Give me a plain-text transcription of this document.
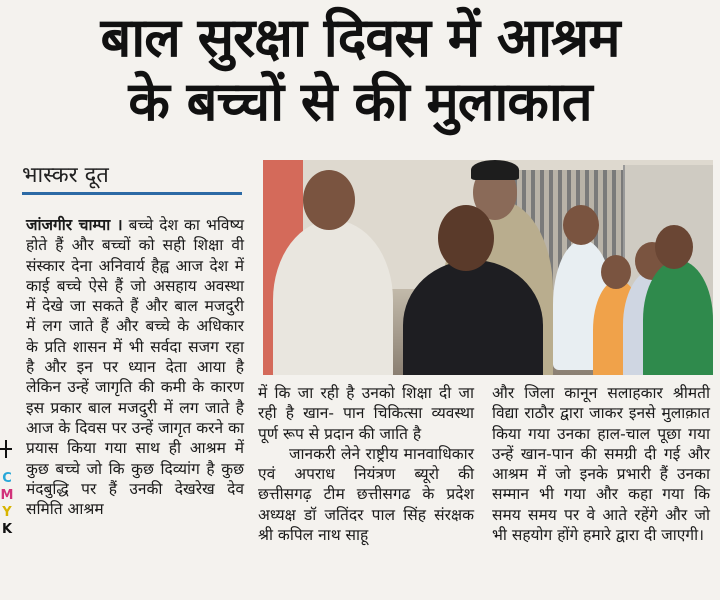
बाल सुरक्षा दिवस में आश्रम
के बच्चों से की मुलाकात
भास्कर दूत

जांजगीर चाम्पा । बच्चे देश का भविष्य होते हैं और बच्चों को सही शिक्षा वी संस्कार देना अनिवार्य हैह्व आज देश में काई बच्चे ऐसे हैं जो असहाय अवस्था में देखे जा सकते हैं और बाल मजदुरी में लग जाते हैं और बच्चे के अधिकार के प्रति शासन में भी सर्वदा सजग रहा है और इन पर ध्यान देता आया है लेकिन उन्हें जागृति की कमी के कारण इस प्रकार बाल मजदुरी में लग जाते है आज के दिवस पर उन्हें जागृत करने का प्रयास किया गया साथ ही आश्रम में कुछ बच्चे जो कि कुछ दिव्यांग है कुछ मंदबुद्धि पर हैं उनकी देखरेख देव समिति आश्रम

में कि जा रही है उनको शिक्षा दी जा रही है खान- पान चिकित्सा व्यवस्था पूर्ण रूप से प्रदान की जाति है

जानकरी लेने राष्ट्रीय मानवाधिकार एवं अपराध नियंत्रण ब्यूरो की छत्तीसगढ़ टीम छत्तीसगढ के प्रदेश अध्यक्ष डॉ जतिंदर पाल सिंह संरक्षक श्री कपिल नाथ साहू

और जिला कानून सलाहकार श्रीमती विद्या राठौर द्वारा जाकर इनसे मुलाक़ात किया गया उनका हाल-चाल पूछा गया उन्हें खान-पान की समग्री दी गई और आश्रम में जो इनके प्रभारी हैं उनका सम्मान भी गया और कहा गया कि समय समय पर वे आते रहेंगे और जो भी सहयोग होंगे हमारे द्वारा दी जाएगी।

C
M
Y
K
